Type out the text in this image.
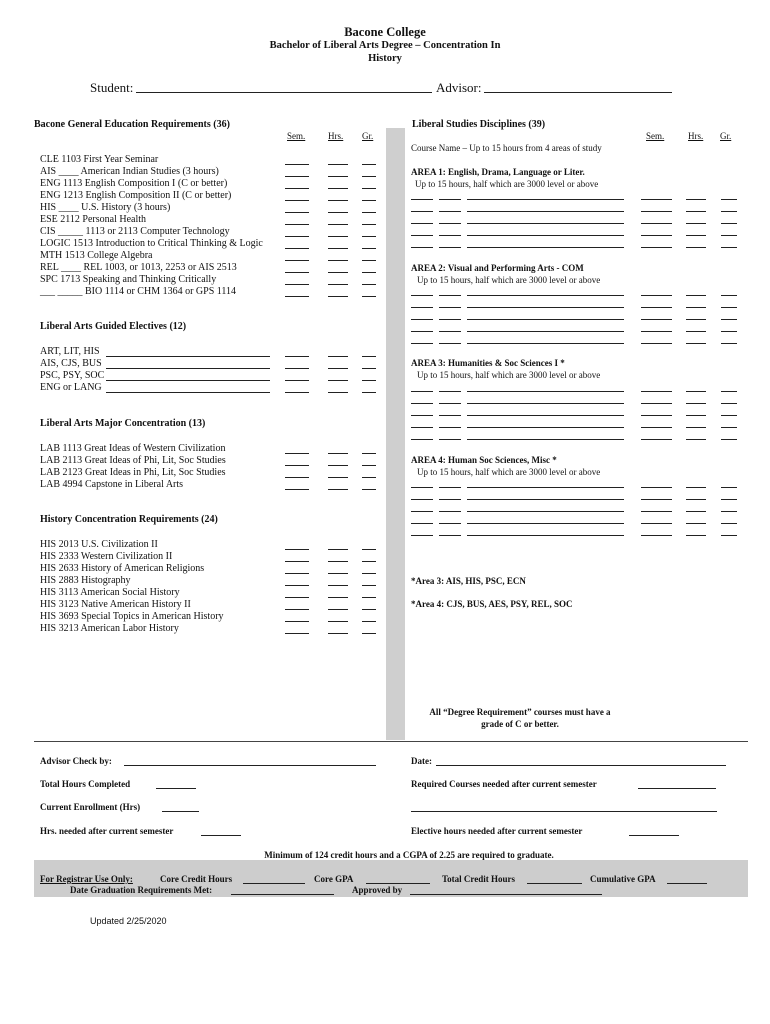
Bacone College
Bachelor of Liberal Arts Degree – Concentration In
History
Student:	Advisor:
Bacone General Education Requirements (36)
Sem.	Hrs. Gr.
CLE 1103 First Year Seminar
AIS ____ American Indian Studies (3 hours)
ENG 1113 English Composition I (C or better)
ENG 1213 English Composition II (C or better)
HIS ____ U.S. History (3 hours)
ESE 2112 Personal Health
CIS _____ 1113 or 2113 Computer Technology
LOGIC 1513 Introduction to Critical Thinking & Logic
MTH 1513 College Algebra
REL ____ REL 1003, or 1013, 2253 or AIS 2513
SPC 1713 Speaking and Thinking Critically
___ _____ BIO 1114 or CHM 1364 or GPS 1114
Liberal Arts Guided Electives (12)
ART, LIT, HIS
AIS, CJS, BUS
PSC, PSY, SOC
ENG or LANG
Liberal Arts Major Concentration (13)
LAB 1113 Great Ideas of Western Civilization
LAB 2113 Great Ideas of Phi, Lit, Soc Studies
LAB 2123 Great Ideas in Phi, Lit, Soc Studies
LAB 4994 Capstone in Liberal Arts
History Concentration Requirements (24)
HIS 2013 U.S. Civilization II
HIS 2333 Western Civilization II
HIS 2633 History of American Religions
HIS 2883 Histography
HIS 3113 American Social History
HIS 3123 Native American History II
HIS 3693 Special Topics in American History
HIS 3213 American Labor History
Liberal Studies Disciplines (39)
Sem.	Hrs. Gr.
Course Name – Up to 15 hours from 4 areas of study
AREA 1: English, Drama, Language or Liter.
Up to 15 hours, half which are 3000 level or above
AREA 2: Visual and Performing Arts - COM
Up to 15 hours, half which are 3000 level or above
AREA 3: Humanities & Soc Sciences I *
Up to 15 hours, half which are 3000 level or above
AREA 4: Human Soc Sciences, Misc *
Up to 15 hours, half which are 3000 level or above
*Area 3: AIS, HIS, PSC, ECN
*Area 4: CJS, BUS, AES, PSY, REL, SOC
All “Degree Requirement” courses must have a
grade of C or better.
Advisor Check by:	Date:
Total Hours Completed	Required Courses needed after current semester
Current Enrollment (Hrs)
Hrs. needed after current semester	Elective hours needed after current semester
Minimum of 124 credit hours and a CGPA of 2.25 are required to graduate.
For Registrar Use Only:	Core Credit Hours	Core GPA	Total Credit Hours	Cumulative GPA
Date Graduation Requirements Met:	Approved by
Updated 2/25/2020
